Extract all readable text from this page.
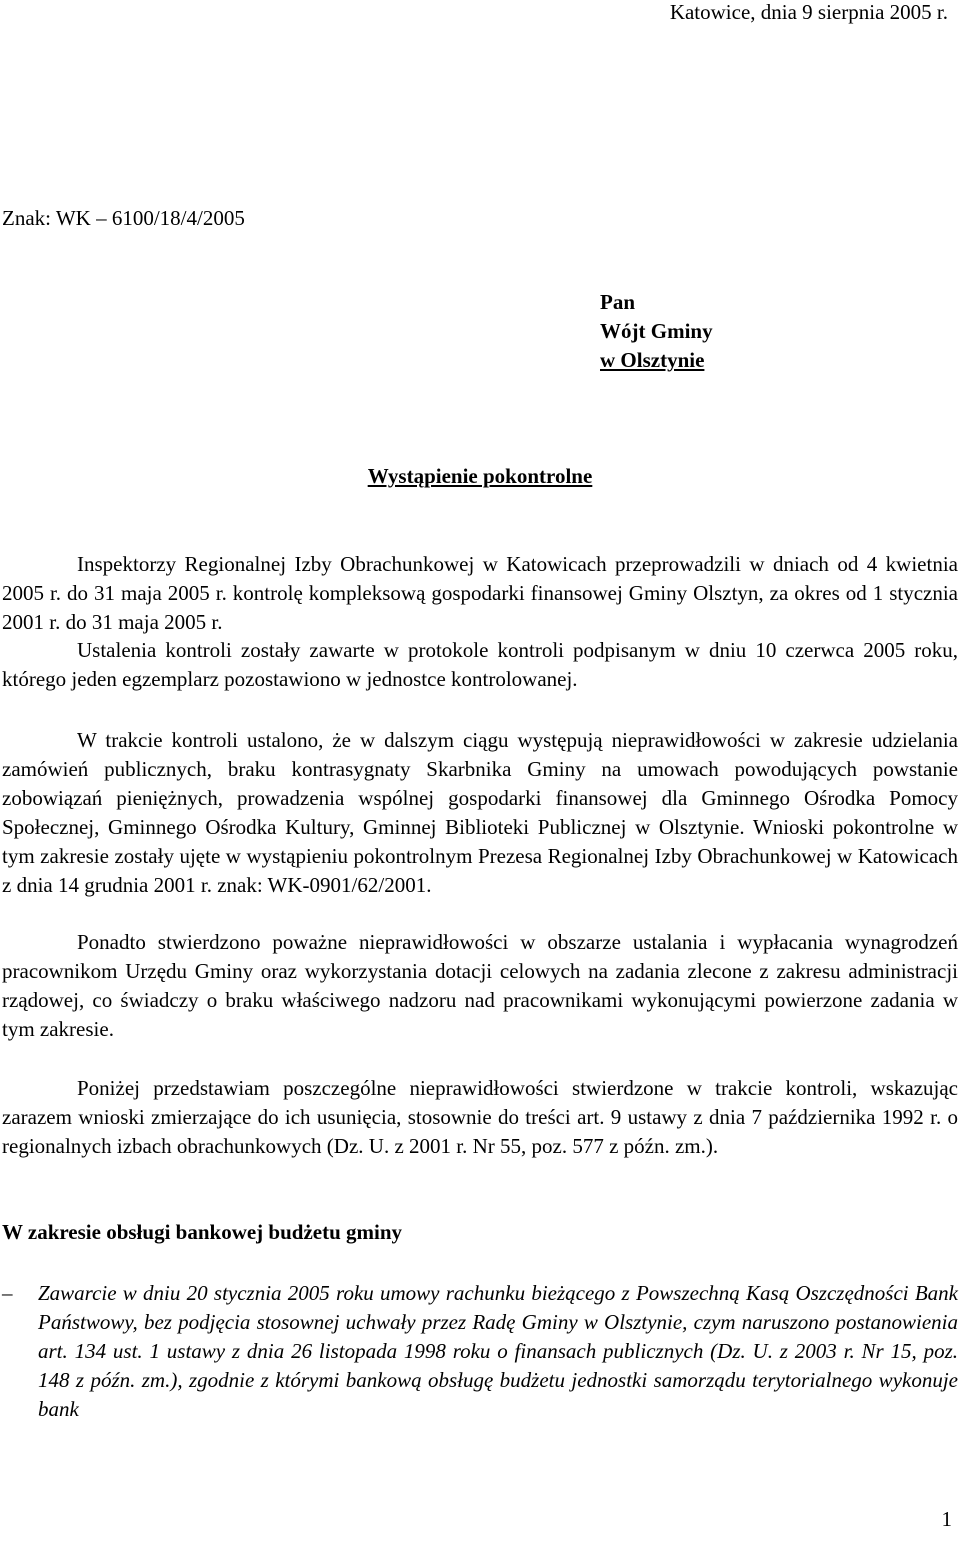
Katowice, dnia 9 sierpnia 2005 r.
Znak: WK – 6100/18/4/2005
Pan
Wójt Gminy
w Olsztynie
Wystąpienie pokontrolne
Inspektorzy Regionalnej Izby Obrachunkowej w Katowicach przeprowadzili w dniach od 4 kwietnia 2005 r. do 31 maja 2005 r. kontrolę kompleksową gospodarki finansowej Gminy Olsztyn, za okres od 1 stycznia 2001 r. do 31 maja 2005 r.
Ustalenia kontroli zostały zawarte w protokole kontroli podpisanym w dniu 10 czerwca 2005 roku, którego jeden egzemplarz pozostawiono w jednostce kontrolowanej.
W trakcie kontroli ustalono, że w dalszym ciągu występują nieprawidłowości w zakresie udzielania zamówień publicznych, braku kontrasygnaty Skarbnika Gminy na umowach powodujących powstanie zobowiązań pieniężnych, prowadzenia wspólnej gospodarki finansowej dla Gminnego Ośrodka Pomocy Społecznej, Gminnego Ośrodka Kultury, Gminnej Biblioteki Publicznej w Olsztynie. Wnioski pokontrolne w tym zakresie zostały ujęte w wystąpieniu pokontrolnym Prezesa Regionalnej Izby Obrachunkowej w Katowicach z dnia 14 grudnia 2001 r. znak: WK-0901/62/2001.
Ponadto stwierdzono poważne nieprawidłowości w obszarze ustalania i wypłacania wynagrodzeń pracownikom Urzędu Gminy oraz wykorzystania dotacji celowych na zadania zlecone z zakresu administracji rządowej, co świadczy o braku właściwego nadzoru nad pracownikami wykonującymi powierzone zadania w tym zakresie.
Poniżej przedstawiam poszczególne nieprawidłowości stwierdzone w trakcie kontroli, wskazując zarazem wnioski zmierzające do ich usunięcia, stosownie do treści art. 9 ustawy z dnia 7 października 1992 r. o regionalnych izbach obrachunkowych (Dz. U. z 2001 r. Nr 55, poz. 577 z późn. zm.).
W zakresie obsługi bankowej budżetu gminy
– Zawarcie w dniu 20 stycznia 2005 roku umowy rachunku bieżącego z Powszechną Kasą Oszczędności Bank Państwowy, bez podjęcia stosownej uchwały przez Radę Gminy w Olsztynie, czym naruszono postanowienia art. 134 ust. 1 ustawy z dnia 26 listopada 1998 roku o finansach publicznych (Dz. U. z 2003 r. Nr 15, poz. 148 z późn. zm.), zgodnie z którymi bankową obsługę budżetu jednostki samorządu terytorialnego wykonuje bank
1
